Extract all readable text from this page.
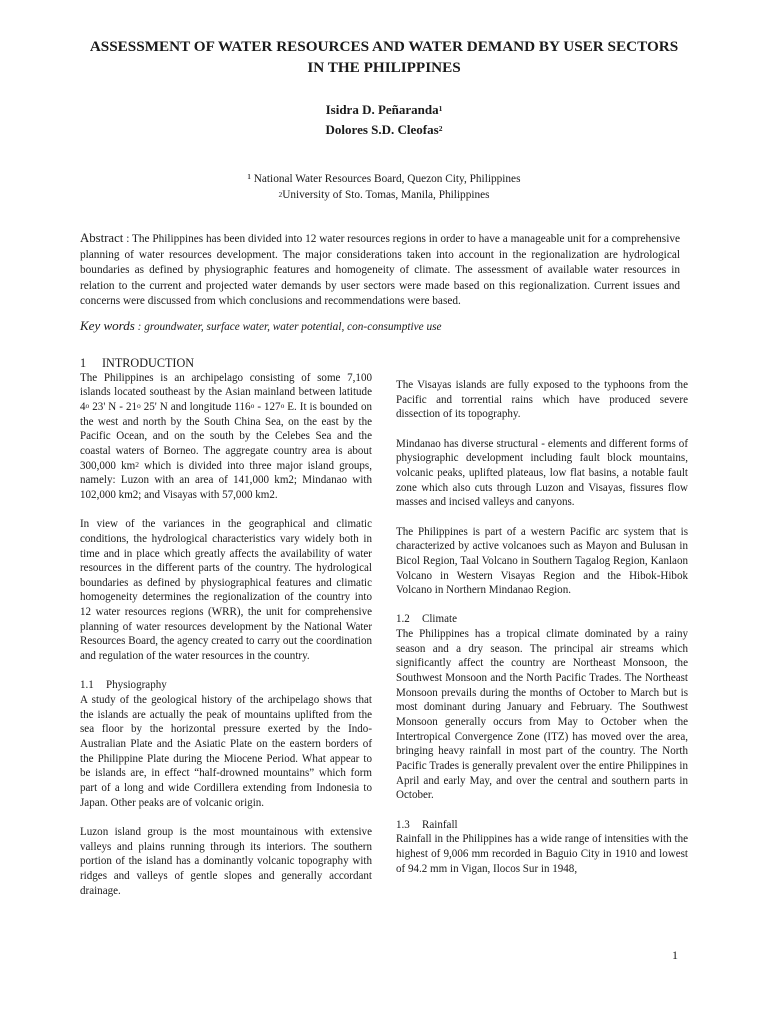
ASSESSMENT OF WATER RESOURCES AND WATER DEMAND BY USER SECTORS IN THE PHILIPPINES
Isidra D. Peñaranda$^1$
Dolores S.D. Cleofas$^2$
¹ National Water Resources Board, Quezon City, Philippines
$^2$University of Sto. Tomas, Manila, Philippines

Abstract : The Philippines has been divided into 12 water resources regions in order to have a manageable unit for a comprehensive planning of water resources development. The major considerations taken into account in the regionalization are hydrological boundaries as defined by physiographic features and homogeneity of climate. The assessment of available water resources in relation to the current and projected water demands by user sectors were made based on this regionalization. Current issues and concerns were discussed from which conclusions and recommendations were based.

Key words : groundwater, surface water, water potential, con-consumptive use
1 INTRODUCTION

The Philippines is an archipelago consisting of some 7,100 islands located southeast by the Asian mainland between latitude 4$^o$ 23' N - 21$^o$ 25' N and longitude 116$^o$ - 127$^o$ E. It is bounded on the west and north by the South China Sea, on the east by the Pacific Ocean, and on the south by the Celebes Sea and the coastal waters of Borneo. The aggregate country area is about 300,000 $km^2$ which is divided into three major island groups, namely: Luzon with an area of 141,000 km2; Mindanao with 102,000 km2; and Visayas with 57,000 km2.

In view of the variances in the geographical and climatic conditions, the hydrological characteristics vary widely both in time and in place which greatly affects the availability of water resources in the different parts of the country. The hydrological boundaries as defined by physiographical features and climatic homogeneity determines the regionalization of the country into 12 water resources regions (WRR), the unit for comprehensive planning of water resources development by the National Water Resources Board, the agency created to carry out the coordination and regulation of the water resources in the country.

1.1 Physiography

A study of the geological history of the archipelago shows that the islands are actually the peak of mountains uplifted from the sea floor by the horizontal pressure exerted by the Indo-Australian Plate and the Asiatic Plate on the eastern borders of the Philippine Plate during the Miocene Period. What appear to be islands are, in effect “half-drowned mountains” which form part of a long and wide Cordillera extending from Indonesia to Japan. Other peaks are of volcanic origin.

Luzon island group is the most mountainous with extensive valleys and plains running through its interiors. The southern portion of the island has a dominantly volcanic topography with ridges and valleys of gentle slopes and generally accordant drainage.

The Visayas islands are fully exposed to the typhoons from the Pacific and torrential rains which have produced severe dissection of its topography.

Mindanao has diverse structural - elements and different forms of physiographic development including fault block mountains, volcanic peaks, uplifted plateaus, low flat basins, a notable fault zone which also cuts through Luzon and Visayas, fissures flow masses and incised valleys and canyons.

The Philippines is part of a western Pacific arc system that is characterized by active volcanoes such as Mayon and Bulusan in Bicol Region, Taal Volcano in Southern Tagalog Region, Kanlaon Volcano in Western Visayas Region and the Hibok-Hibok Volcano in Northern Mindanao Region.

1.2 Climate

The Philippines has a tropical climate dominated by a rainy season and a dry season. The principal air streams which significantly affect the country are Northeast Monsoon, the Southwest Monsoon and the North Pacific Trades. The Northeast Monsoon prevails during the months of October to March but is most dominant during January and February. The Southwest Monsoon generally occurs from May to October when the Intertropical Convergence Zone (ITZ) has moved over the area, bringing heavy rainfall in most part of the country. The North Pacific Trades is generally prevalent over the entire Philippines in April and early May, and over the central and southern parts in October.

1.3 Rainfall

Rainfall in the Philippines has a wide range of intensities with the highest of 9,006 mm recorded in Baguio City in 1910 and lowest of 94.2 mm in Vigan, Ilocos Sur in 1948,

1
